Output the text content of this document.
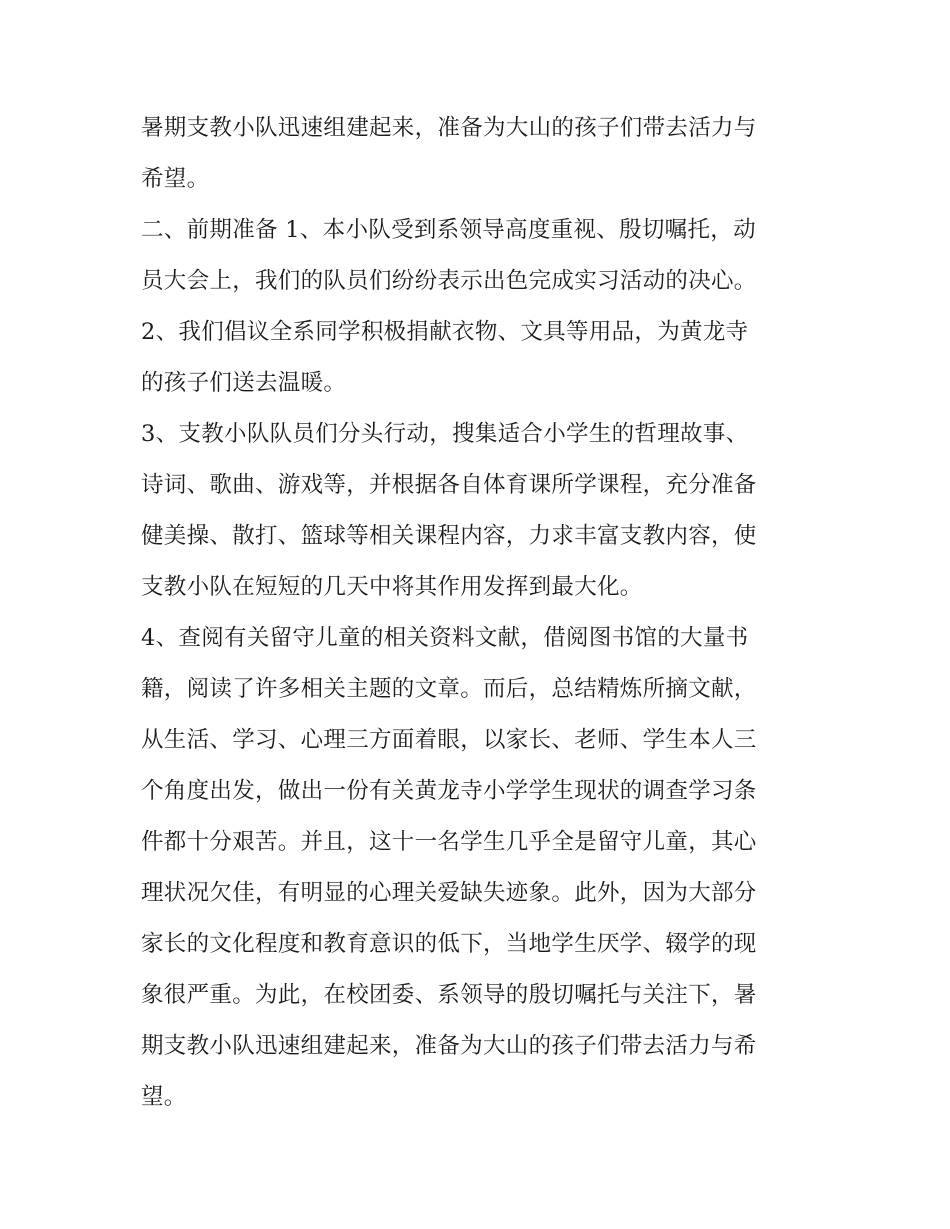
暑期支教小队迅速组建起来，准备为大山的孩子们带去活力与
希望。
二、前期准备 1、本小队受到系领导高度重视、殷切嘱托，动
员大会上，我们的队员们纷纷表示出色完成实习活动的决心。
2、我们倡议全系同学积极捐献衣物、文具等用品，为黄龙寺
的孩子们送去温暖。
3、支教小队队员们分头行动，搜集适合小学生的哲理故事、
诗词、歌曲、游戏等，并根据各自体育课所学课程，充分准备
健美操、散打、篮球等相关课程内容，力求丰富支教内容，使
支教小队在短短的几天中将其作用发挥到最大化。
4、查阅有关留守儿童的相关资料文献，借阅图书馆的大量书
籍，阅读了许多相关主题的文章。而后，总结精炼所摘文献，
从生活、学习、心理三方面着眼，以家长、老师、学生本人三
个角度出发，做出一份有关黄龙寺小学学生现状的调查学习条
件都十分艰苦。并且，这十一名学生几乎全是留守儿童，其心
理状况欠佳，有明显的心理关爱缺失迹象。此外，因为大部分
家长的文化程度和教育意识的低下，当地学生厌学、辍学的现
象很严重。为此，在校团委、系领导的殷切嘱托与关注下，暑
期支教小队迅速组建起来，准备为大山的孩子们带去活力与希
望。
